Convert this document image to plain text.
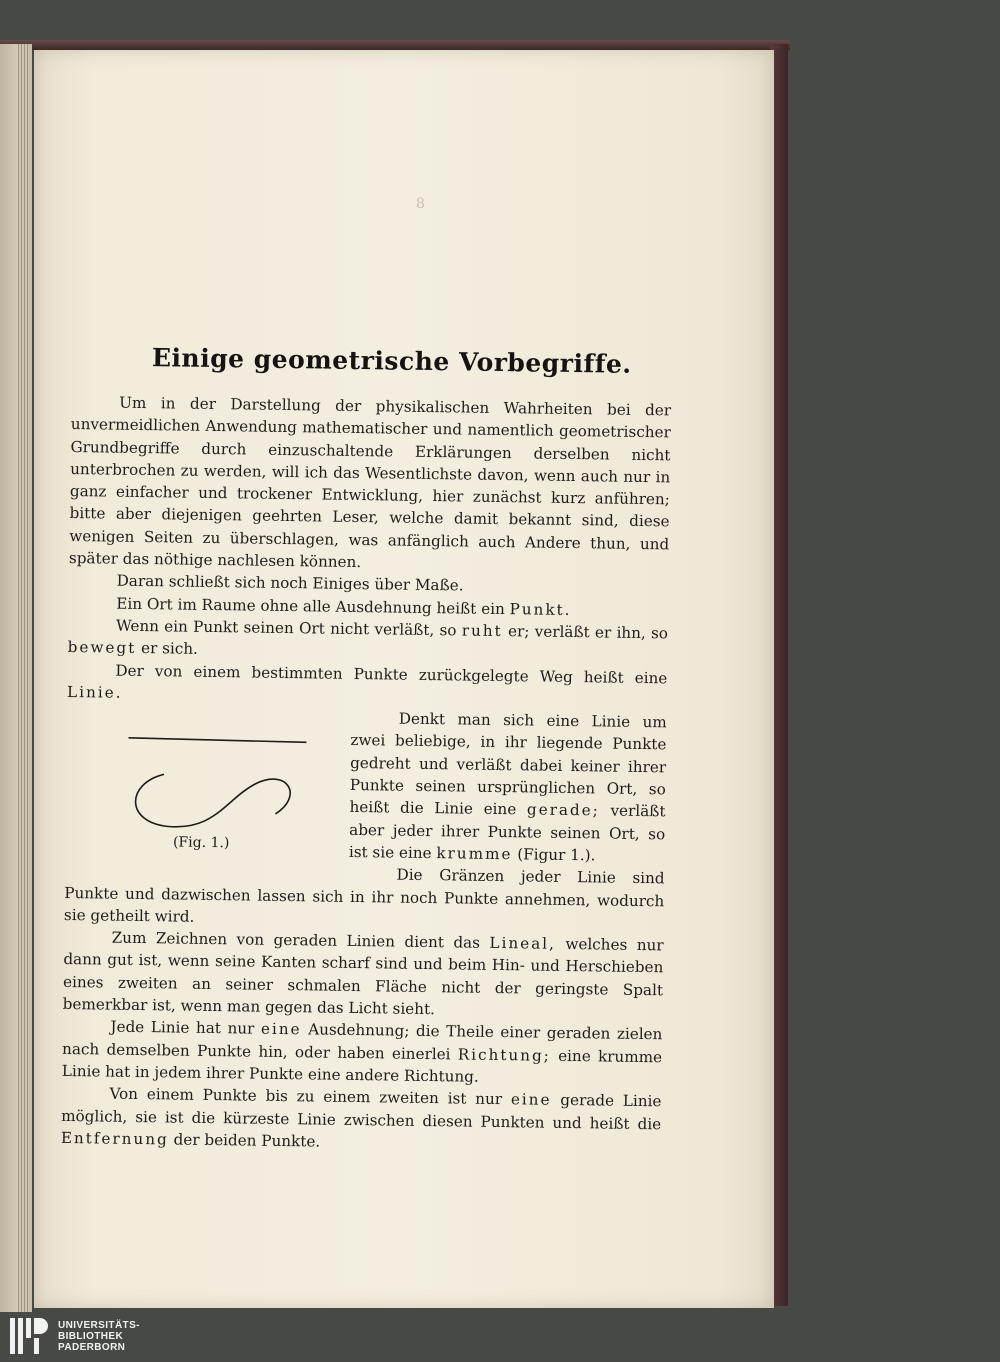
8
Einige geometrische Vorbegriffe.

Um in der Darstellung der physikalischen Wahrheiten bei der unvermeidlichen Anwendung mathematischer und namentlich geometrischer Grundbegriffe durch einzuschaltende Erklärungen derselben nicht unterbrochen zu werden, will ich das Wesentlichste davon, wenn auch nur in ganz einfacher und trockener Entwicklung, hier zunächst kurz anführen; bitte aber diejenigen geehrten Leser, welche damit bekannt sind, diese wenigen Seiten zu überschlagen, was anfänglich auch Andere thun, und später das nöthige nachlesen können.

Daran schließt sich noch Einiges über Maße.

Ein Ort im Raume ohne alle Ausdehnung heißt ein Punkt.

Wenn ein Punkt seinen Ort nicht verläßt, so ruht er; verläßt er ihn, so bewegt er sich.

Der von einem bestimmten Punkte zurückgelegte Weg heißt eine Linie.

(Fig. 1.)

Denkt man sich eine Linie um zwei beliebige, in ihr liegende Punkte gedreht und verläßt dabei keiner ihrer Punkte seinen ursprünglichen Ort, so heißt die Linie eine gerade; verläßt aber jeder ihrer Punkte seinen Ort, so ist sie eine krumme (Figur 1.).

Die Gränzen jeder Linie sind Punkte und dazwischen lassen sich in ihr noch Punkte annehmen, wodurch sie getheilt wird.

Zum Zeichnen von geraden Linien dient das Lineal, welches nur dann gut ist, wenn seine Kanten scharf sind und beim Hin- und Herschieben eines zweiten an seiner schmalen Fläche nicht der geringste Spalt bemerkbar ist, wenn man gegen das Licht sieht.

Jede Linie hat nur eine Ausdehnung; die Theile einer geraden zielen nach demselben Punkte hin, oder haben einerlei Richtung; eine krumme Linie hat in jedem ihrer Punkte eine andere Richtung.

Von einem Punkte bis zu einem zweiten ist nur eine gerade Linie möglich, sie ist die kürzeste Linie zwischen diesen Punkten und heißt die Entfernung der beiden Punkte.

UNIVERSITÄTS-
BIBLIOTHEK
PADERBORN
